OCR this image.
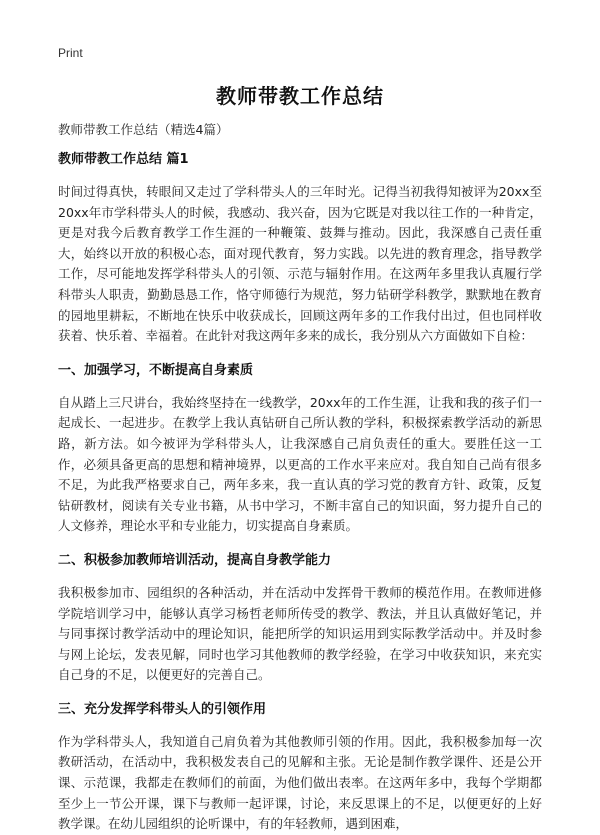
Print
教师带教工作总结
教师带教工作总结（精选4篇）
教师带教工作总结 篇1

时间过得真快，转眼间又走过了学科带头人的三年时光。记得当初我得知被评为20xx至20xx年市学科带头人的时候，我感动、我兴奋，因为它既是对我以往工作的一种肯定，更是对我今后教育教学工作生涯的一种鞭策、鼓舞与推动。因此，我深感自己责任重大，始终以开放的积极心态，面对现代教育，努力实践。以先进的教育理念，指导教学工作，尽可能地发挥学科带头人的引领、示范与辐射作用。在这两年多里我认真履行学科带头人职责，勤勤恳恳工作，恪守师德行为规范，努力钻研学科教学，默默地在教育的园地里耕耘，不断地在快乐中收获成长，回顾这两年多的工作我付出过，但也同样收获着、快乐着、幸福着。在此针对我这两年多来的成长，我分别从六方面做如下自检：

一、加强学习，不断提高自身素质

自从踏上三尺讲台，我始终坚持在一线教学，20xx年的工作生涯，让我和我的孩子们一起成长、一起进步。在教学上我认真钻研自己所认教的学科，积极探索教学活动的新思路，新方法。如今被评为学科带头人，让我深感自己肩负责任的重大。要胜任这一工作，必须具备更高的思想和精神境界，以更高的工作水平来应对。我自知自己尚有很多不足，为此我严格要求自己，两年多来，我一直认真的学习党的教育方针、政策，反复钻研教材，阅读有关专业书籍，从书中学习，不断丰富自己的知识面，努力提升自己的人文修养，理论水平和专业能力，切实提高自身素质。

二、积极参加教师培训活动，提高自身教学能力

我积极参加市、园组织的各种活动，并在活动中发挥骨干教师的模范作用。在教师进修学院培训学习中，能够认真学习杨哲老师所传受的教学、教法，并且认真做好笔记，并与同事探讨教学活动中的理论知识，能把所学的知识运用到实际教学活动中。并及时参与网上论坛，发表见解，同时也学习其他教师的教学经验，在学习中收获知识，来充实自己身的不足，以便更好的完善自己。

三、充分发挥学科带头人的引领作用

作为学科带头人，我知道自己肩负着为其他教师引领的作用。因此，我积极参加每一次教研活动，在活动中，我积极发表自己的见解和主张。无论是制作教学课件、还是公开课、示范课，我都走在教师们的前面，为他们做出表率。在这两年多中，我每个学期都至少上一节公开课，课下与教师一起评课，讨论，来反思课上的不足，以便更好的上好教学课。在幼儿园组织的论听课中，有的年轻教师，遇到困难，
